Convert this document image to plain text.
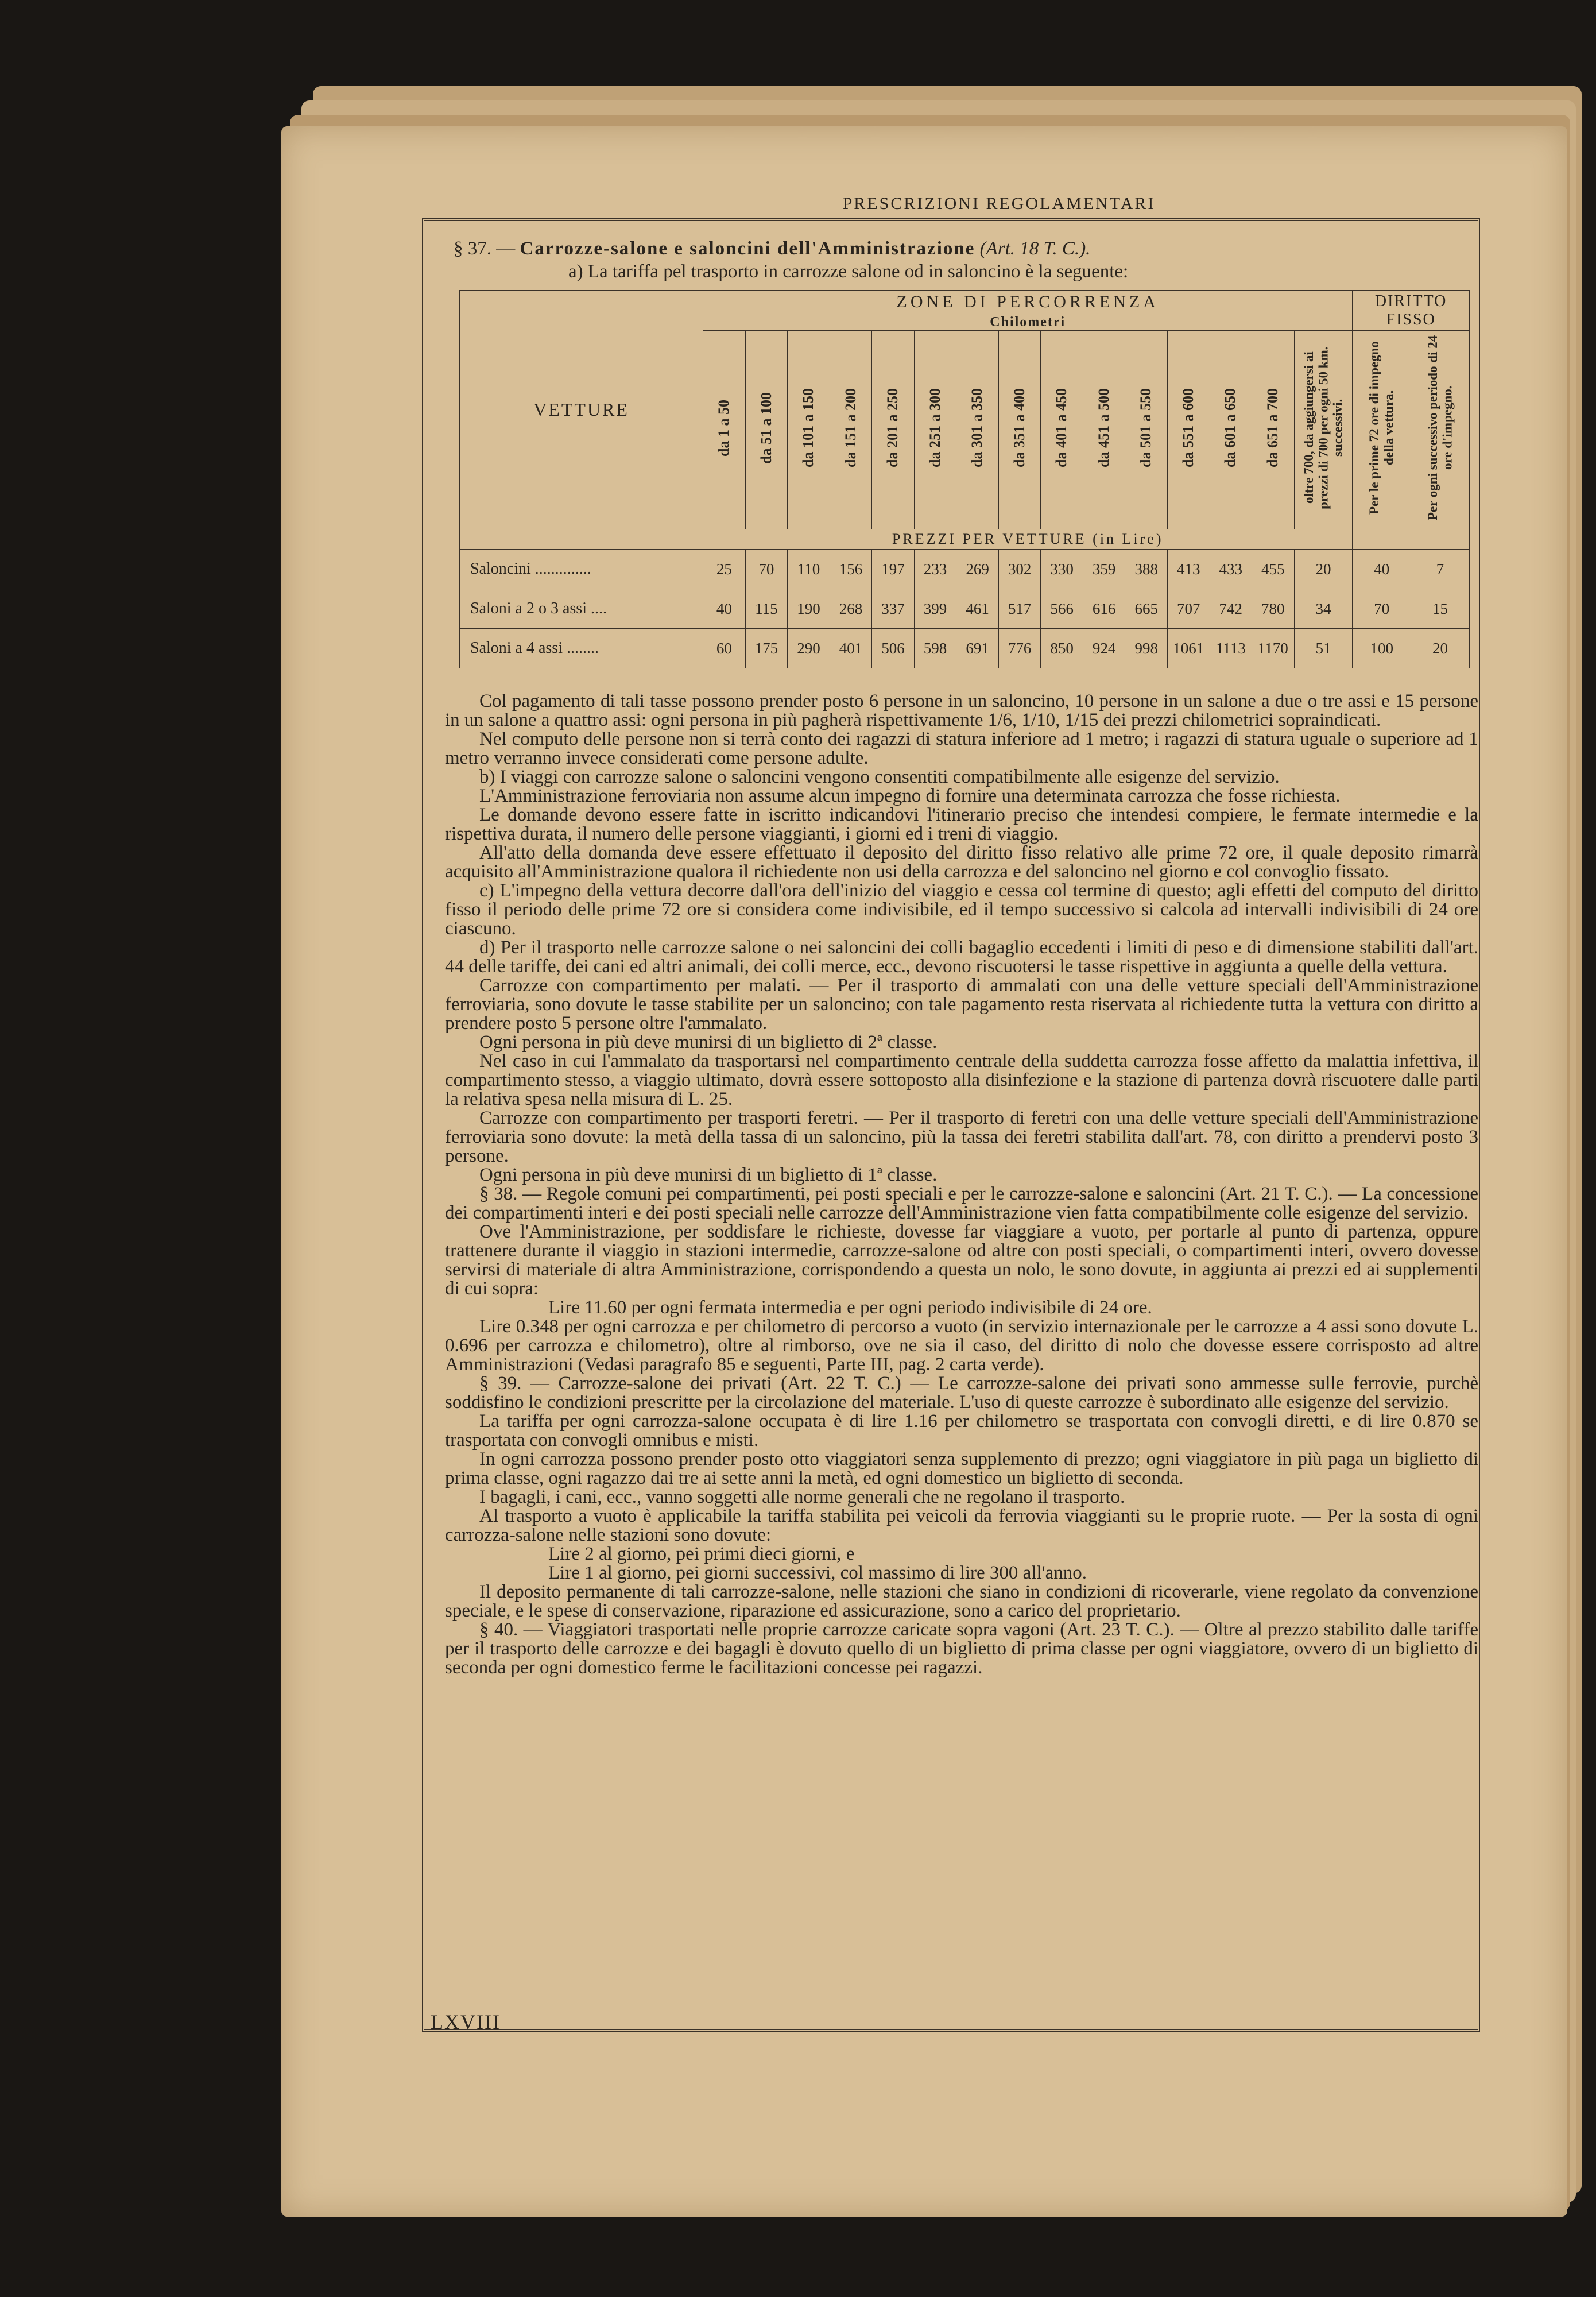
PRESCRIZIONI REGOLAMENTARI
§ 37. — Carrozze-salone e saloncini dell'Amministrazione (Art. 18 T. C.).
a) La tariffa pel trasporto in carrozze salone od in saloncino è la seguente:
VETTURE	ZONE DI PERCORRENZA															DIRITTO FISSO	
	Chilometri																
	da 1 a 50	da 51 a 100	da 101 a 150	da 151 a 200	da 201 a 250	da 251 a 300	da 301 a 350	da 351 a 400	da 401 a 450	da 451 a 500	da 501 a 550	da 551 a 600	da 601 a 650	da 651 a 700	oltre 700, da aggiungersi ai prezzi di 700 per ogni 50 km. successivi.	Per le prime 72 ore di impegno della vettura.	Per ogni successivo periodo di 24 ore d'impegno.
	PREZZI PER VETTURE (in Lire)																
Saloncini ..............	25	70	110	156	197	233	269	302	330	359	388	413	433	455	20	40	7
Saloni a 2 o 3 assi ....	40	115	190	268	337	399	461	517	566	616	665	707	742	780	34	70	15
Saloni a 4 assi ........	60	175	290	401	506	598	691	776	850	924	998	1061	1113	1170	51	100	20

Col pagamento di tali tasse possono prender posto 6 persone in un saloncino, 10 persone in un salone a due o tre assi e 15 persone in un salone a quattro assi: ogni persona in più pagherà rispettivamente 1/6, 1/10, 1/15 dei prezzi chilometrici sopraindicati.

Nel computo delle persone non si terrà conto dei ragazzi di statura inferiore ad 1 metro; i ragazzi di statura uguale o superiore ad 1 metro verranno invece considerati come persone adulte.

b) I viaggi con carrozze salone o saloncini vengono consentiti compatibilmente alle esigenze del servizio.

L'Amministrazione ferroviaria non assume alcun impegno di fornire una determinata carrozza che fosse richiesta.

Le domande devono essere fatte in iscritto indicandovi l'itinerario preciso che intendesi compiere, le fermate intermedie e la rispettiva durata, il numero delle persone viaggianti, i giorni ed i treni di viaggio.

All'atto della domanda deve essere effettuato il deposito del diritto fisso relativo alle prime 72 ore, il quale deposito rimarrà acquisito all'Amministrazione qualora il richiedente non usi della carrozza e del saloncino nel giorno e col convoglio fissato.

c) L'impegno della vettura decorre dall'ora dell'inizio del viaggio e cessa col termine di questo; agli effetti del computo del diritto fisso il periodo delle prime 72 ore si considera come indivisibile, ed il tempo successivo si calcola ad intervalli indivisibili di 24 ore ciascuno.

d) Per il trasporto nelle carrozze salone o nei saloncini dei colli bagaglio eccedenti i limiti di peso e di dimensione stabiliti dall'art. 44 delle tariffe, dei cani ed altri animali, dei colli merce, ecc., devono riscuotersi le tasse rispettive in aggiunta a quelle della vettura.

Carrozze con compartimento per malati. — Per il trasporto di ammalati con una delle vetture speciali dell'Amministrazione ferroviaria, sono dovute le tasse stabilite per un saloncino; con tale pagamento resta riservata al richiedente tutta la vettura con diritto a prendere posto 5 persone oltre l'ammalato.

Ogni persona in più deve munirsi di un biglietto di 2ª classe.

Nel caso in cui l'ammalato da trasportarsi nel compartimento centrale della suddetta carrozza fosse affetto da malattia infettiva, il compartimento stesso, a viaggio ultimato, dovrà essere sottoposto alla disinfezione e la stazione di partenza dovrà riscuotere dalle parti la relativa spesa nella misura di L. 25.

Carrozze con compartimento per trasporti feretri. — Per il trasporto di feretri con una delle vetture speciali dell'Amministrazione ferroviaria sono dovute: la metà della tassa di un saloncino, più la tassa dei feretri stabilita dall'art. 78, con diritto a prendervi posto 3 persone.

Ogni persona in più deve munirsi di un biglietto di 1ª classe.

§ 38. — Regole comuni pei compartimenti, pei posti speciali e per le carrozze-salone e saloncini (Art. 21 T. C.). — La concessione dei compartimenti interi e dei posti speciali nelle carrozze dell'Amministrazione vien fatta compatibilmente colle esigenze del servizio.

Ove l'Amministrazione, per soddisfare le richieste, dovesse far viaggiare a vuoto, per portarle al punto di partenza, oppure trattenere durante il viaggio in stazioni intermedie, carrozze-salone od altre con posti speciali, o compartimenti interi, ovvero dovesse servirsi di materiale di altra Amministrazione, corrispondendo a questa un nolo, le sono dovute, in aggiunta ai prezzi ed ai supplementi di cui sopra:

Lire 11.60 per ogni fermata intermedia e per ogni periodo indivisibile di 24 ore.

Lire 0.348 per ogni carrozza e per chilometro di percorso a vuoto (in servizio internazionale per le carrozze a 4 assi sono dovute L. 0.696 per carrozza e chilometro), oltre al rimborso, ove ne sia il caso, del diritto di nolo che dovesse essere corrisposto ad altre Amministrazioni (Vedasi paragrafo 85 e seguenti, Parte III, pag. 2 carta verde).

§ 39. — Carrozze-salone dei privati (Art. 22 T. C.) — Le carrozze-salone dei privati sono ammesse sulle ferrovie, purchè soddisfino le condizioni prescritte per la circolazione del materiale. L'uso di queste carrozze è subordinato alle esigenze del servizio.

La tariffa per ogni carrozza-salone occupata è di lire 1.16 per chilometro se trasportata con convogli diretti, e di lire 0.870 se trasportata con convogli omnibus e misti.

In ogni carrozza possono prender posto otto viaggiatori senza supplemento di prezzo; ogni viaggiatore in più paga un biglietto di prima classe, ogni ragazzo dai tre ai sette anni la metà, ed ogni domestico un biglietto di seconda.

I bagagli, i cani, ecc., vanno soggetti alle norme generali che ne regolano il trasporto.

Al trasporto a vuoto è applicabile la tariffa stabilita pei veicoli da ferrovia viaggianti su le proprie ruote. — Per la sosta di ogni carrozza-salone nelle stazioni sono dovute:

Lire 2 al giorno, pei primi dieci giorni, e

Lire 1 al giorno, pei giorni successivi, col massimo di lire 300 all'anno.

Il deposito permanente di tali carrozze-salone, nelle stazioni che siano in condizioni di ricoverarle, viene regolato da convenzione speciale, e le spese di conservazione, riparazione ed assicurazione, sono a carico del proprietario.

§ 40. — Viaggiatori trasportati nelle proprie carrozze caricate sopra vagoni (Art. 23 T. C.). — Oltre al prezzo stabilito dalle tariffe per il trasporto delle carrozze e dei bagagli è dovuto quello di un biglietto di prima classe per ogni viaggiatore, ovvero di un biglietto di seconda per ogni domestico ferme le facilitazioni concesse pei ragazzi.

LXVIII
